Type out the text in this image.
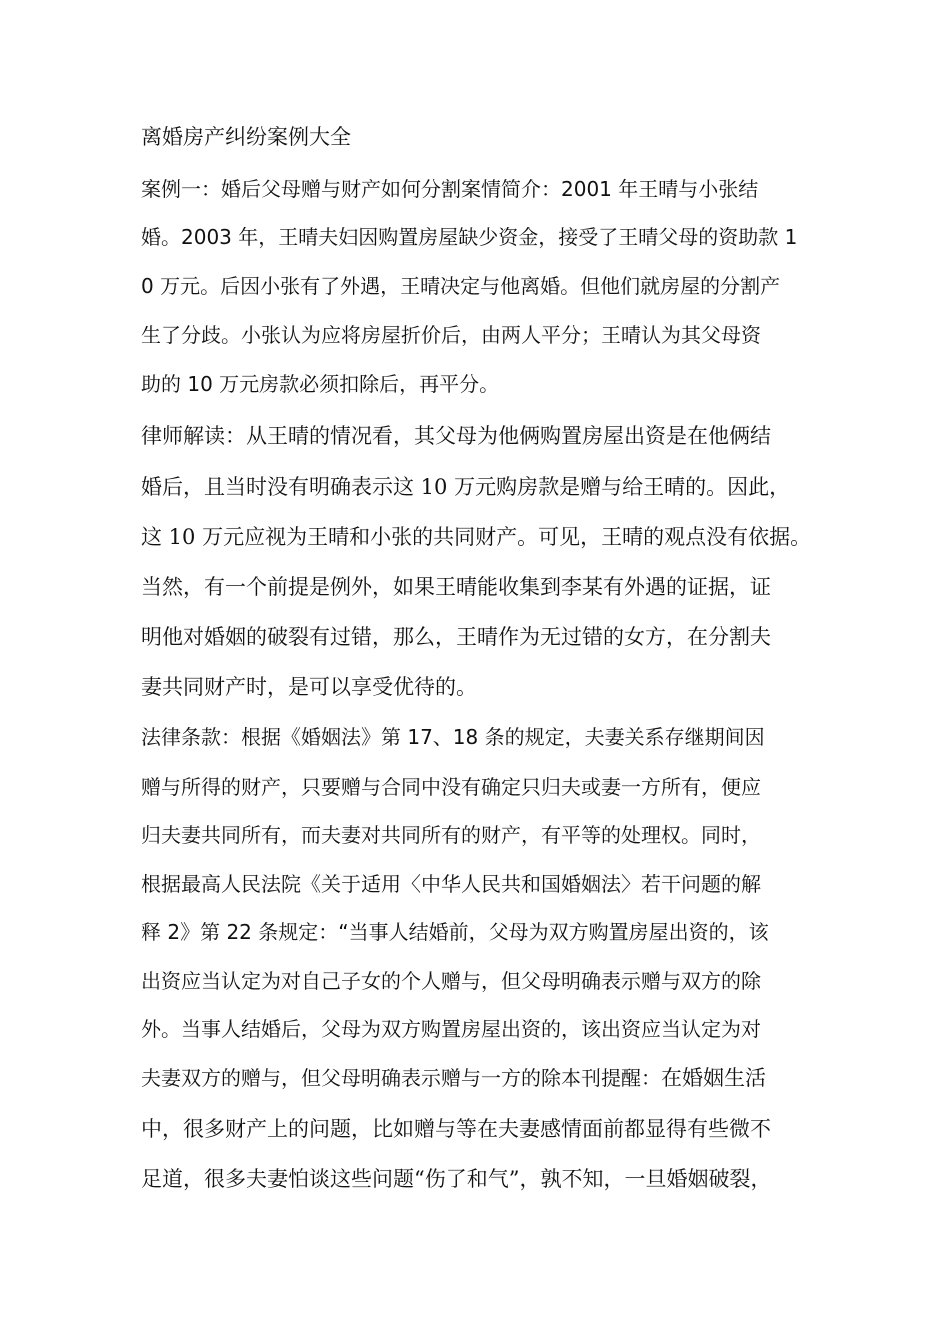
离婚房产纠纷案例大全
案例一：婚后父母赠与财产如何分割案情简介：2001 年王晴与小张结
婚。2003 年，王晴夫妇因购置房屋缺少资金，接受了王晴父母的资助款 1
0 万元。后因小张有了外遇，王晴决定与他离婚。但他们就房屋的分割产
生了分歧。小张认为应将房屋折价后，由两人平分；王晴认为其父母资
助的 10 万元房款必须扣除后，再平分。
律师解读：从王晴的情况看，其父母为他俩购置房屋出资是在他俩结
婚后，且当时没有明确表示这 10 万元购房款是赠与给王晴的。因此，
这 10 万元应视为王晴和小张的共同财产。可见，王晴的观点没有依据。
当然，有一个前提是例外，如果王晴能收集到李某有外遇的证据，证
明他对婚姻的破裂有过错，那么，王晴作为无过错的女方，在分割夫
妻共同财产时，是可以享受优待的。
法律条款：根据《婚姻法》第 17、18 条的规定，夫妻关系存继期间因
赠与所得的财产，只要赠与合同中没有确定只归夫或妻一方所有，便应
归夫妻共同所有，而夫妻对共同所有的财产，有平等的处理权。同时，
根据最高人民法院《关于适用〈中华人民共和国婚姻法〉若干问题的解
释 2》第 22 条规定：“当事人结婚前，父母为双方购置房屋出资的，该
出资应当认定为对自己子女的个人赠与，但父母明确表示赠与双方的除
外。当事人结婚后，父母为双方购置房屋出资的，该出资应当认定为对
夫妻双方的赠与，但父母明确表示赠与一方的除本刊提醒：在婚姻生活
中，很多财产上的问题，比如赠与等在夫妻感情面前都显得有些微不
足道，很多夫妻怕谈这些问题“伤了和气”，孰不知，一旦婚姻破裂，
